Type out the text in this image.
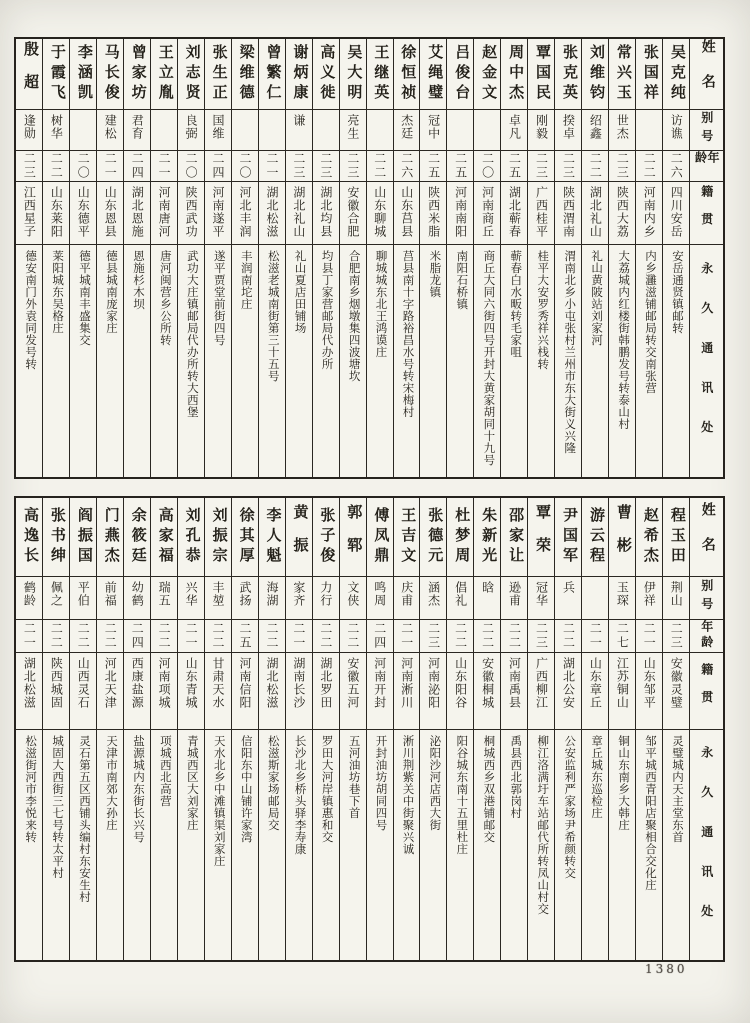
姓名
别号
年龄
籍贯
永久通讯处
吴克纯
访谯
二六
四川安岳
安岳通贤镇邮转
张国祥
二二
河南内乡
内乡灉滋铺邮局转交南张营
常兴玉
世杰
二三
陕西大荔
大荔城内红楼街韩鹏发号转泰山村
刘维钧
绍鑫
二二
湖北礼山
礼山黄陂站刘家河
张克英
揆卓
二三
陕西渭南
渭南北乡小屯张村兰州市东大街义兴隆
覃国民
刚毅
二三
广西桂平
桂平大安罗秀祥兴栈转
周中杰
卓凡
二五
湖北蕲春
蕲春白水畈转毛家咀
赵金文
二〇
河南商丘
商丘大同六街四号开封大黄家胡同十九号
吕俊台
二五
河南南阳
南阳石桥镇
艾绳璧
冠中
二五
陕西米脂
米脂龙镇
徐恒祯
杰廷
二六
山东莒县
莒县南十字路裕昌水号转宋梅村
王继英
二二
山东聊城
聊城城东北王鸿谟庄
吴大明
亮生
二三
安徽合肥
合肥南乡烟墩集四波塘坎
高义徙
二三
湖北均县
均县丁家营邮局代办所
谢炳康
谦
二三
湖北礼山
礼山夏店田铺场
曾繁仁
二一
湖北松滋
松滋老城南街第三十五号
梁维德
二〇
河北丰润
丰润南坨庄
张生正
国维
二四
河南遂平
遂平贾堂前街四号
刘志贤
良弼
二〇
陕西武功
武功大庄镇邮局代办所转大西堡
王立胤
二一
河南唐河
唐河闽营乡公所转
曾家坊
君育
二四
湖北恩施
恩施杉木坝
马长俊
建松
二一
山东恩县
德县城南庞家庄
李涵凯
二〇
山东德平
德平城南丰盛集交
于霞飞
树华
二二
山东莱阳
莱阳城东吴格庄
殷超
逢勋
二三
江西星子
德安南门外袁同发号转
姓名
别号
年龄
籍贯
永久通讯处
程玉田
荆山
二三
安徽灵璧
灵璧城内天主堂东首
赵希杰
伊祥
二一
山东邹平
邹平城西青阳店聚相合交化庄
曹彬
玉琛
二七
江苏铜山
铜山东南乡大韩庄
游云程
二一
山东章丘
章丘城东巡检庄
尹国军
兵
二二
湖北公安
公安监利严家场尹希颜转交
覃荣
冠华
二三
广西柳江
柳江洛满圩车站邮代所转凤山村交
邵家让
逊甫
二二
河南禹县
禹县西北郭岗村
朱新光
晗
二二
安徽桐城
桐城西乡双港铺邮交
杜梦周
倡礼
二二
山东阳谷
阳谷城东南十五里杜庄
张德元
涵杰
二三
河南泌阳
泌阳沙河店西大街
王吉文
庆甫
二一
河南淅川
淅川荆紫关中街聚兴诚
傅凤鼎
鸣周
二四
河南开封
开封油坊胡同四号
郭郓
文侠
二二
安徽五河
五河油坊巷下首
张子俊
力行
二二
湖北罗田
罗田大河岸镇惠和交
黄振
家齐
二一
湖南长沙
长沙北乡桥头驿李寿康
李人魁
海湖
二二
湖北松滋
松滋斯家场邮局交
徐其厚
武扬
二五
河南信阳
信阳东中山铺许家湾
刘振宗
丰堃
二二
甘肃天水
天水北乡中滩镇渠刘家庄
刘孔恭
兴华
二一
山东青城
青城西区大刘家庄
高家福
瑞五
二二
河南项城
项城西北高营
余筱廷
幼鹤
二四
西康盐源
盐源城内东街长兴号
门燕杰
前福
二二
河北天津
天津市南郊大孙庄
阎振国
平伯
二二
山西灵石
灵石第五区西铺头编村东安生村
张书绅
佩之
二二
陕西城固
城固大西街三七号转太平村
高逸长
鹤龄
二一
湖北松滋
松滋街河市李悦来转
1380
